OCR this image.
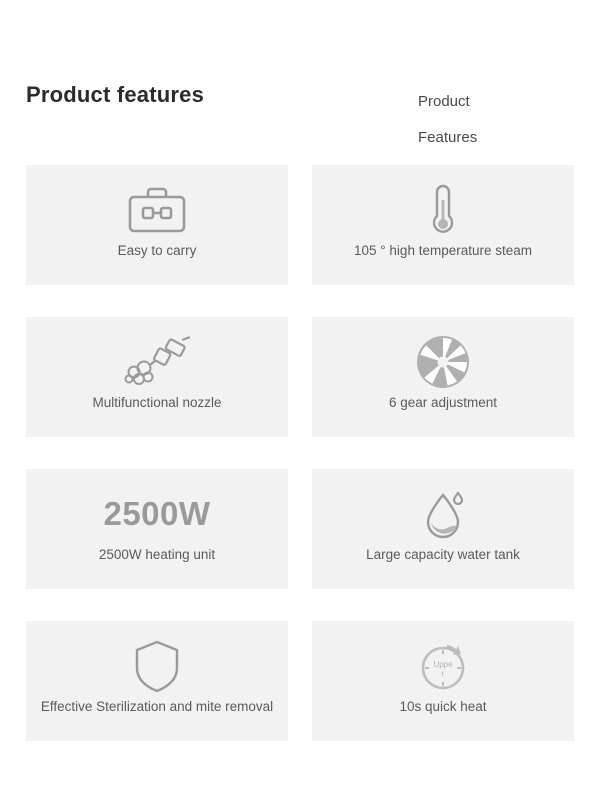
Product features	Product
Features
Easy to carry	105 ° high temperature steam
Multifunctional nozzle	6 gear adjustment
2500W
2500W heating unit	Large capacity water tank
Effective Sterilization and mite removal
Uppe
r
10s quick heat
